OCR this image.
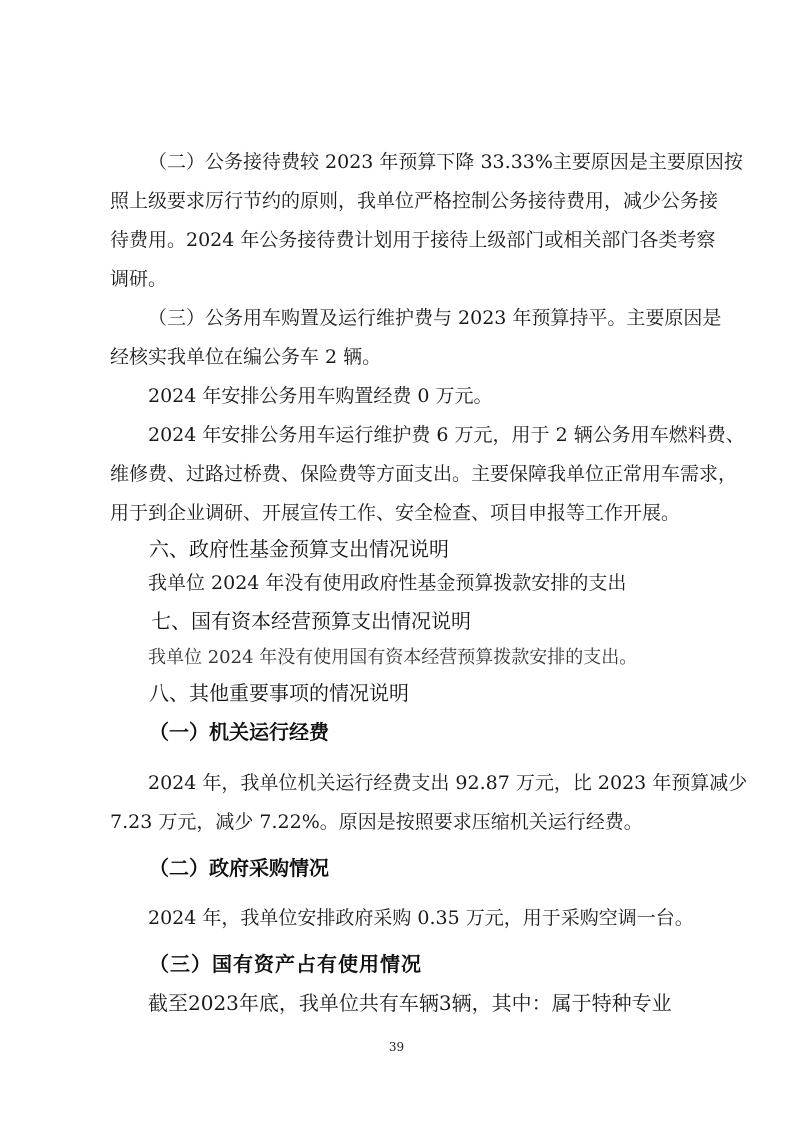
（二）公务接待费较 2023 年预算下降 33.33%主要原因是主要原因按
照上级要求厉行节约的原则，我单位严格控制公务接待费用，减少公务接
待费用。2024 年公务接待费计划用于接待上级部门或相关部门各类考察
调研。
（三）公务用车购置及运行维护费与 2023 年预算持平。主要原因是
经核实我单位在编公务车 2 辆。
2024 年安排公务用车购置经费 0 万元。
2024 年安排公务用车运行维护费 6 万元，用于 2 辆公务用车燃料费、
维修费、过路过桥费、保险费等方面支出。主要保障我单位正常用车需求，
用于到企业调研、开展宣传工作、安全检查、项目申报等工作开展。
六、政府性基金预算支出情况说明
我单位 2024 年没有使用政府性基金预算拨款安排的支出
七、国有资本经营预算支出情况说明
我单位 2024 年没有使用国有资本经营预算拨款安排的支出。
八、其他重要事项的情况说明
（一）机关运行经费
2024 年，我单位机关运行经费支出 92.87 万元，比 2023 年预算减少
7.23 万元，减少 7.22%。原因是按照要求压缩机关运行经费。
（二）政府采购情况
2024 年，我单位安排政府采购 0.35 万元，用于采购空调一台。
（三）国有资产占有使用情况
截至2023年底，我单位共有车辆3辆，其中：属于特种专业
39
